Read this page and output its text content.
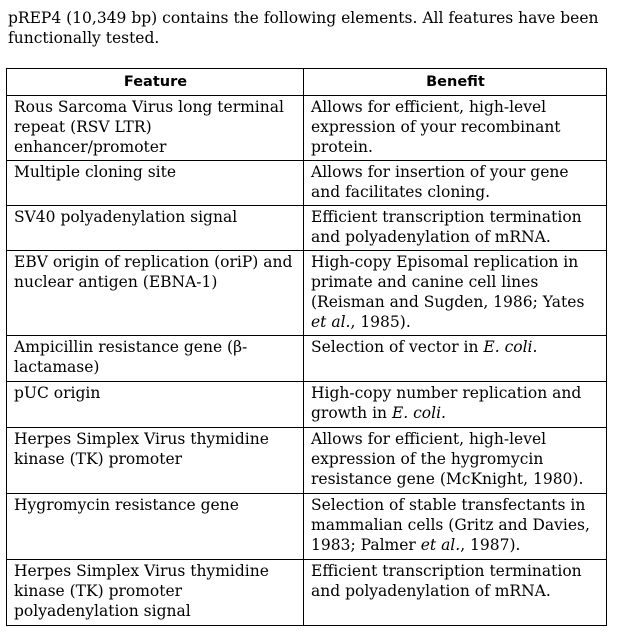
pREP4 (10,349 bp) contains the following elements. All features have been functionally tested.
Feature	Benefit
Rous Sarcoma Virus long terminal repeat (RSV LTR) enhancer/promoter	Allows for efficient, high-level expression of your recombinant protein.
Multiple cloning site	Allows for insertion of your gene and facilitates cloning.
SV40 polyadenylation signal	Efficient transcription termination and polyadenylation of mRNA.
EBV origin of replication (oriP) and nuclear antigen (EBNA-1)	High-copy Episomal replication in primate and canine cell lines (Reisman and Sugden, 1986; Yates et al., 1985).
Ampicillin resistance gene (β-lactamase)	Selection of vector in E. coli.
pUC origin	High-copy number replication and growth in E. coli.
Herpes Simplex Virus thymidine kinase (TK) promoter	Allows for efficient, high-level expression of the hygromycin resistance gene (McKnight, 1980).
Hygromycin resistance gene	Selection of stable transfectants in mammalian cells (Gritz and Davies, 1983; Palmer et al., 1987).
Herpes Simplex Virus thymidine kinase (TK) promoter polyadenylation signal	Efficient transcription termination and polyadenylation of mRNA.
